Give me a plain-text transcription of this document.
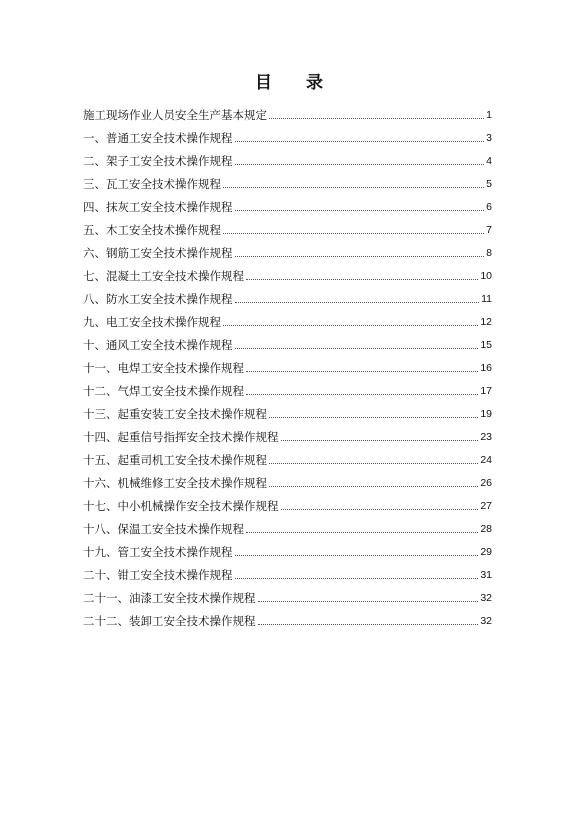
目 录
施工现场作业人员安全生产基本规定	1
一、普通工安全技术操作规程	3
二、架子工安全技术操作规程	4
三、瓦工安全技术操作规程	5
四、抹灰工安全技术操作规程	6
五、木工安全技术操作规程	7
六、钢筋工安全技术操作规程	8
七、混凝土工安全技术操作规程	10
八、防水工安全技术操作规程	11
九、电工安全技术操作规程	12
十、通风工安全技术操作规程	15
十一、电焊工安全技术操作规程	16
十二、气焊工安全技术操作规程	17
十三、起重安装工安全技术操作规程	19
十四、起重信号指挥安全技术操作规程	23
十五、起重司机工安全技术操作规程	24
十六、机械维修工安全技术操作规程	26
十七、中小机械操作安全技术操作规程	27
十八、保温工安全技术操作规程	28
十九、管工安全技术操作规程	29
二十、钳工安全技术操作规程	31
二十一、油漆工安全技术操作规程	32
二十二、装卸工安全技术操作规程	32
